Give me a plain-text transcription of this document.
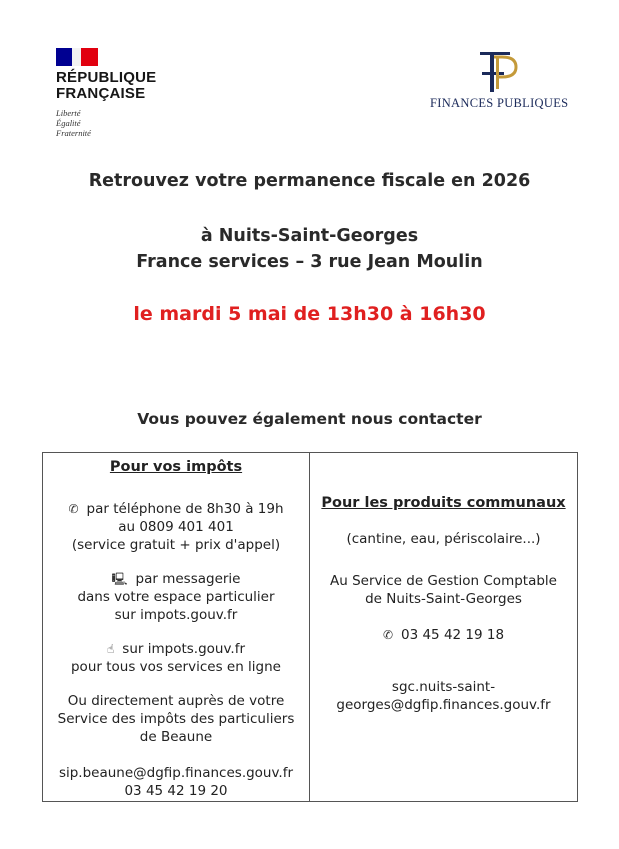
RÉPUBLIQUE
FRANÇAISE
Liberté
Égalité
Fraternité
FINANCES PUBLIQUES
Retrouvez votre permanence fiscale en 2026
à Nuits-Saint-Georges
France services – 3 rue Jean Moulin
le mardi 5 mai de 13h30 à 16h30
Vous pouvez également nous contacter
Pour vos impôts
✆ par téléphone de 8h30 à 19h
au 0809 401 401
(service gratuit + prix d'appel)
🖳 par messagerie
dans votre espace particulier
sur impots.gouv.fr
☝ sur impots.gouv.fr
pour tous vos services en ligne
Ou directement auprès de votre
Service des impôts des particuliers
de Beaune
sip.beaune@dgfip.finances.gouv.fr
03 45 42 19 20
Pour les produits communaux
(cantine, eau, périscolaire...)
Au Service de Gestion Comptable
de Nuits-Saint-Georges
✆ 03 45 42 19 18
sgc.nuits-saint-
georges@dgfip.finances.gouv.fr
